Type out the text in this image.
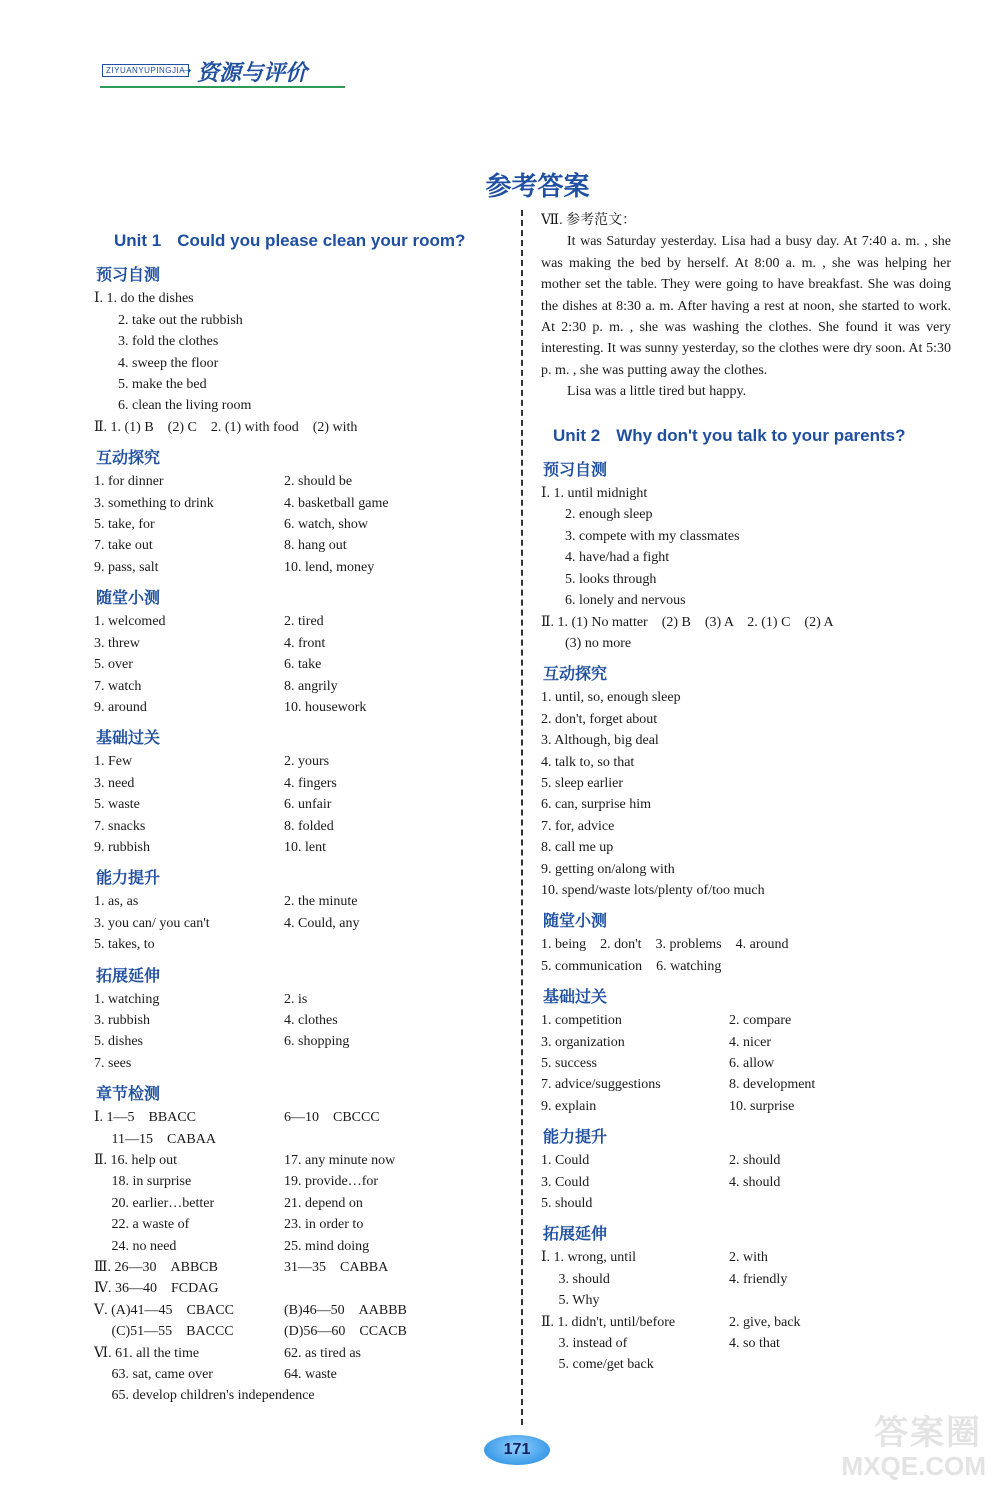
ZIYUANYUPINGJIA
➝ 资源与评价
参考答案
Unit 1 Could you please clean your room?
预习自测
Ⅰ. 1. do the dishes
2. take out the rubbish
3. fold the clothes
4. sweep the floor
5. make the bed
6. clean the living room
Ⅱ. 1. (1) B　(2) C　2. (1) with food　(2) with
互动探究
1. for dinner	2. should be
3. something to drink	4. basketball game
5. take, for	6. watch, show
7. take out	8. hang out
9. pass, salt	10. lend, money
随堂小测
1. welcomed	2. tired
3. threw	4. front
5. over	6. take
7. watch	8. angrily
9. around	10. housework
基础过关
1. Few	2. yours
3. need	4. fingers
5. waste	6. unfair
7. snacks	8. folded
9. rubbish	10. lent
能力提升
1. as, as	2. the minute
3. you can/ you can't	4. Could, any
5. takes, to
拓展延伸
1. watching	2. is
3. rubbish	4. clothes
5. dishes	6. shopping
7. sees
章节检测
Ⅰ. 1—5　BBACC	6—10　CBCCC
　 11—15　CABAA
Ⅱ. 16. help out	17. any minute now
　 18. in surprise	19. provide…for
　 20. earlier…better	21. depend on
　 22. a waste of	23. in order to
　 24. no need	25. mind doing
Ⅲ. 26—30　ABBCB	31—35　CABBA
Ⅳ. 36—40　FCDAG
Ⅴ. (A)41—45　CBACC	(B)46—50　AABBB
　 (C)51—55　BACCC	(D)56—60　CCACB
Ⅵ. 61. all the time	62. as tired as
　 63. sat, came over	64. waste
　 65. develop children's independence
Ⅶ. 参考范文：

It was Saturday yesterday. Lisa had a busy day. At 7:40 a. m. , she was making the bed by herself. At 8:00 a. m. , she was helping her mother set the table. They were going to have breakfast. She was doing the dishes at 8:30 a. m. After having a rest at noon, she started to work. At 2:30 p. m. , she was washing the clothes. She found it was very interesting. It was sunny yesterday, so the clothes were dry soon. At 5:30 p. m. , she was putting away the clothes.

Lisa was a little tired but happy.

Unit 2 Why don't you talk to your parents?
预习自测
Ⅰ. 1. until midnight
2. enough sleep
3. compete with my classmates
4. have/had a fight
5. looks through
6. lonely and nervous
Ⅱ. 1. (1) No matter　(2) B　(3) A　2. (1) C　(2) A
(3) no more
互动探究
1. until, so, enough sleep
2. don't, forget about
3. Although, big deal
4. talk to, so that
5. sleep earlier
6. can, surprise him
7. for, advice
8. call me up
9. getting on/along with
10. spend/waste lots/plenty of/too much
随堂小测
1. being　2. don't　3. problems　4. around
5. communication　6. watching
基础过关
1. competition	2. compare
3. organization	4. nicer
5. success	6. allow
7. advice/suggestions	8. development
9. explain	10. surprise
能力提升
1. Could	2. should
3. Could	4. should
5. should
拓展延伸
Ⅰ. 1. wrong, until	2. with
　 3. should	4. friendly
　 5. Why
Ⅱ. 1. didn't, until/before	2. give, back
　 3. instead of	4. so that
　 5. come/get back
171	答案圈
MXQE.COM
